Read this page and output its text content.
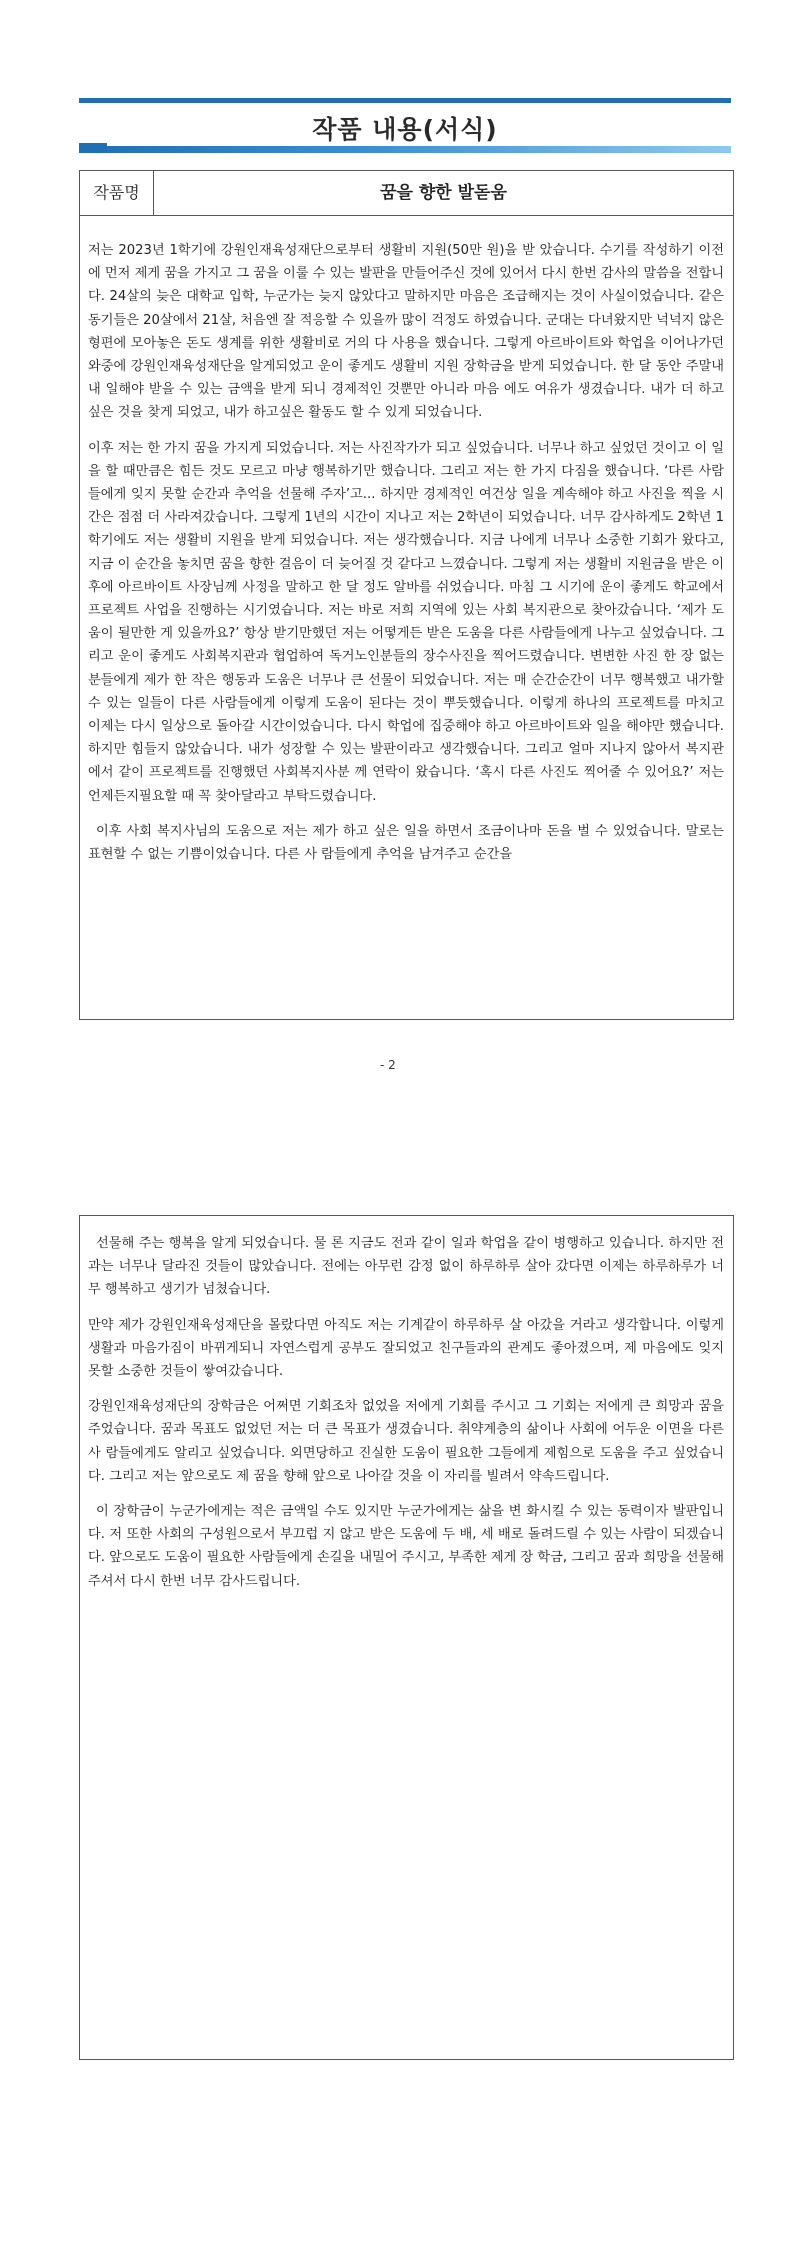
작품 내용(서식)
작품명	꿈을 향한 발돋움

저는 2023년 1학기에 강원인재육성재단으로부터 생활비 지원(50만 원)을 받 았습니다. 수기를 작성하기 이전에 먼저 제게 꿈을 가지고 그 꿈을 이룰 수 있는 발판을 만들어주신 것에 있어서 다시 한번 감사의 말씀을 전합니다. 24살의 늦은 대학교 입학, 누군가는 늦지 않았다고 말하지만 마음은 조급해지는 것이 사실이었습니다. 같은 동기들은 20살에서 21살, 처음엔 잘 적응할 수 있을까 많이 걱정도 하였습니다. 군대는 다녀왔지만 넉넉지 않은 형편에 모아놓은 돈도 생계를 위한 생활비로 거의 다 사용을 했습니다. 그렇게 아르바이트와 학업을 이어나가던 와중에 강원인재육성재단을 알게되었고 운이 좋게도 생활비 지원 장학금을 받게 되었습니다. 한 달 동안 주말내내 일해야 받을 수 있는 금액을 받게 되니 경제적인 것뿐만 아니라 마음 에도 여유가 생겼습니다. 내가 더 하고 싶은 것을 찾게 되었고, 내가 하고싶은 활동도 할 수 있게 되었습니다.

이후 저는 한 가지 꿈을 가지게 되었습니다. 저는 사진작가가 되고 싶었습니다. 너무나 하고 싶었던 것이고 이 일을 할 때만큼은 힘든 것도 모르고 마냥 행복하기만 했습니다. 그리고 저는 한 가지 다짐을 했습니다. ‘다른 사람들에게 잊지 못할 순간과 추억을 선물해 주자’고... 하지만 경제적인 여건상 일을 계속해야 하고 사진을 찍을 시간은 점점 더 사라져갔습니다. 그렇게 1년의 시간이 지나고 저는 2학년이 되었습니다. 너무 감사하게도 2학년 1학기에도 저는 생활비 지원을 받게 되었습니다. 저는 생각했습니다. 지금 나에게 너무나 소중한 기회가 왔다고, 지금 이 순간을 놓치면 꿈을 향한 걸음이 더 늦어질 것 같다고 느꼈습니다. 그렇게 저는 생활비 지원금을 받은 이후에 아르바이트 사장님께 사정을 말하고 한 달 정도 알바를 쉬었습니다. 마침 그 시기에 운이 좋게도 학교에서 프로젝트 사업을 진행하는 시기였습니다. 저는 바로 저희 지역에 있는 사회 복지관으로 찾아갔습니다. ‘제가 도움이 될만한 게 있을까요?’ 항상 받기만했던 저는 어떻게든 받은 도움을 다른 사람들에게 나누고 싶었습니다. 그리고 운이 좋게도 사회복지관과 협업하여 독거노인분들의 장수사진을 찍어드렸습니다. 변변한 사진 한 장 없는 분들에게 제가 한 작은 행동과 도움은 너무나 큰 선물이 되었습니다. 저는 매 순간순간이 너무 행복했고 내가할 수 있는 일들이 다른 사람들에게 이렇게 도움이 된다는 것이 뿌듯했습니다. 이렇게 하나의 프로젝트를 마치고 이제는 다시 일상으로 돌아갈 시간이었습니다. 다시 학업에 집중해야 하고 아르바이트와 일을 해야만 했습니다. 하지만 힘들지 않았습니다. 내가 성장할 수 있는 발판이라고 생각했습니다. 그리고 얼마 지나지 않아서 복지관에서 같이 프로젝트를 진행했던 사회복지사분 께 연락이 왔습니다. ‘혹시 다른 사진도 찍어줄 수 있어요?’ 저는 언제든지필요할 때 꼭 찾아달라고 부탁드렸습니다.

이후 사회 복지사님의 도움으로 저는 제가 하고 싶은 일을 하면서 조금이나마 돈을 벌 수 있었습니다. 말로는 표현할 수 없는 기쁨이었습니다. 다른 사 람들에게 추억을 남겨주고 순간을

- 2

선물해 주는 행복을 알게 되었습니다. 물 론 지금도 전과 같이 일과 학업을 같이 병행하고 있습니다. 하지만 전과는 너무나 달라진 것들이 많았습니다. 전에는 아무런 감정 없이 하루하루 살아 갔다면 이제는 하루하루가 너무 행복하고 생기가 넘쳤습니다.

만약 제가 강원인재육성재단을 몰랐다면 아직도 저는 기계같이 하루하루 살 아갔을 거라고 생각합니다. 이렇게 생활과 마음가짐이 바뀌게되니 자연스럽게 공부도 잘되었고 친구들과의 관계도 좋아졌으며, 제 마음에도 잊지 못할 소중한 것들이 쌓여갔습니다.

강원인재육성재단의 장학금은 어쩌면 기회조차 없었을 저에게 기회를 주시고 그 기회는 저에게 큰 희망과 꿈을 주었습니다. 꿈과 목표도 없었던 저는 더 큰 목표가 생겼습니다. 취약계층의 삶이나 사회에 어두운 이면을 다른 사 람들에게도 알리고 싶었습니다. 외면당하고 진실한 도움이 필요한 그들에게 제힘으로 도움을 주고 싶었습니다. 그리고 저는 앞으로도 제 꿈을 향해 앞으로 나아갈 것을 이 자리를 빌려서 약속드립니다.

이 장학금이 누군가에게는 적은 금액일 수도 있지만 누군가에게는 삶을 변 화시킬 수 있는 동력이자 발판입니다. 저 또한 사회의 구성원으로서 부끄럽 지 않고 받은 도움에 두 배, 세 배로 돌려드릴 수 있는 사람이 되겠습니다. 앞으로도 도움이 필요한 사람들에게 손길을 내밀어 주시고, 부족한 제게 장 학금, 그리고 꿈과 희망을 선물해 주셔서 다시 한번 너무 감사드립니다.
